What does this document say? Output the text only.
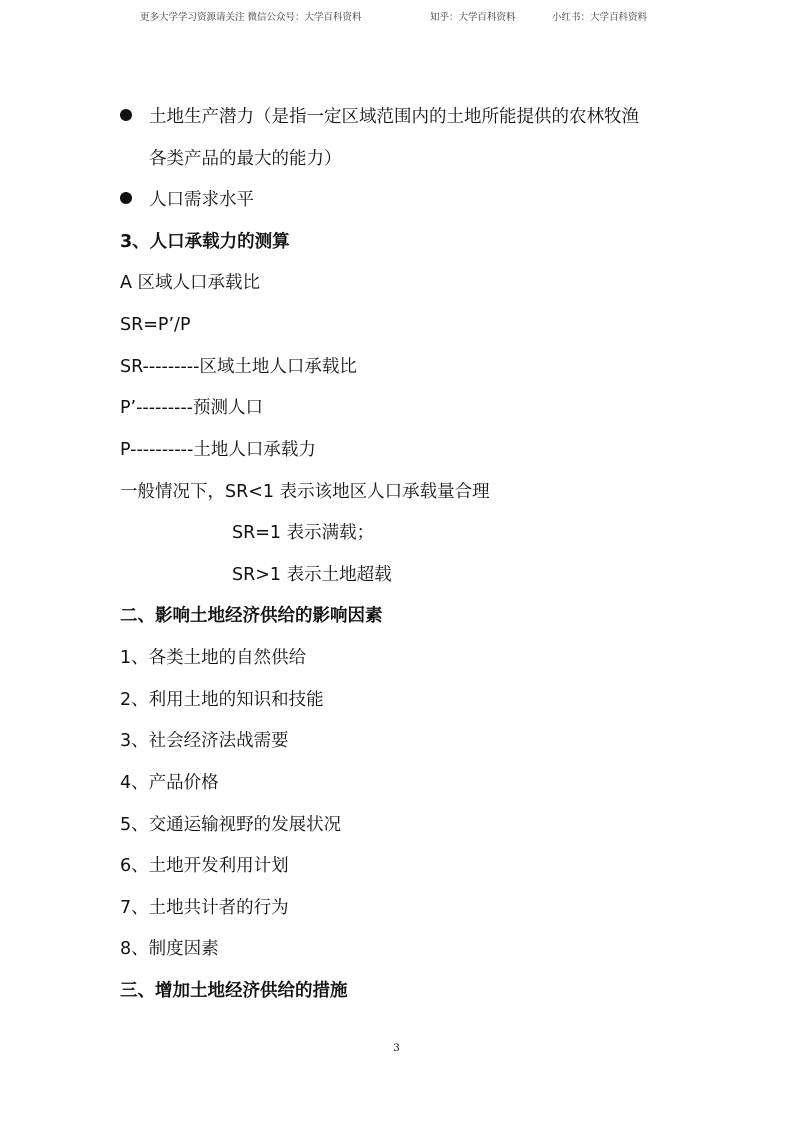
更多大学学习资源请关注 微信公众号：大学百科资料	知乎：大学百科资料	小红书：大学百科资料
土地生产潜力（是指一定区域范围内的土地所能提供的农林牧渔
各类产品的最大的能力）
人口需求水平
3、人口承载力的测算
A 区域人口承载比
SR=P’/P
SR---------区域土地人口承载比
P’---------预测人口
P----------土地人口承载力
一般情况下，SR<1 表示该地区人口承载量合理
SR=1 表示满载；
SR>1 表示土地超载
二、影响土地经济供给的影响因素
1、各类土地的自然供给
2、利用土地的知识和技能
3、社会经济法战需要
4、产品价格
5、交通运输视野的发展状况
6、土地开发利用计划
7、土地共计者的行为
8、制度因素
三、增加土地经济供给的措施
3
